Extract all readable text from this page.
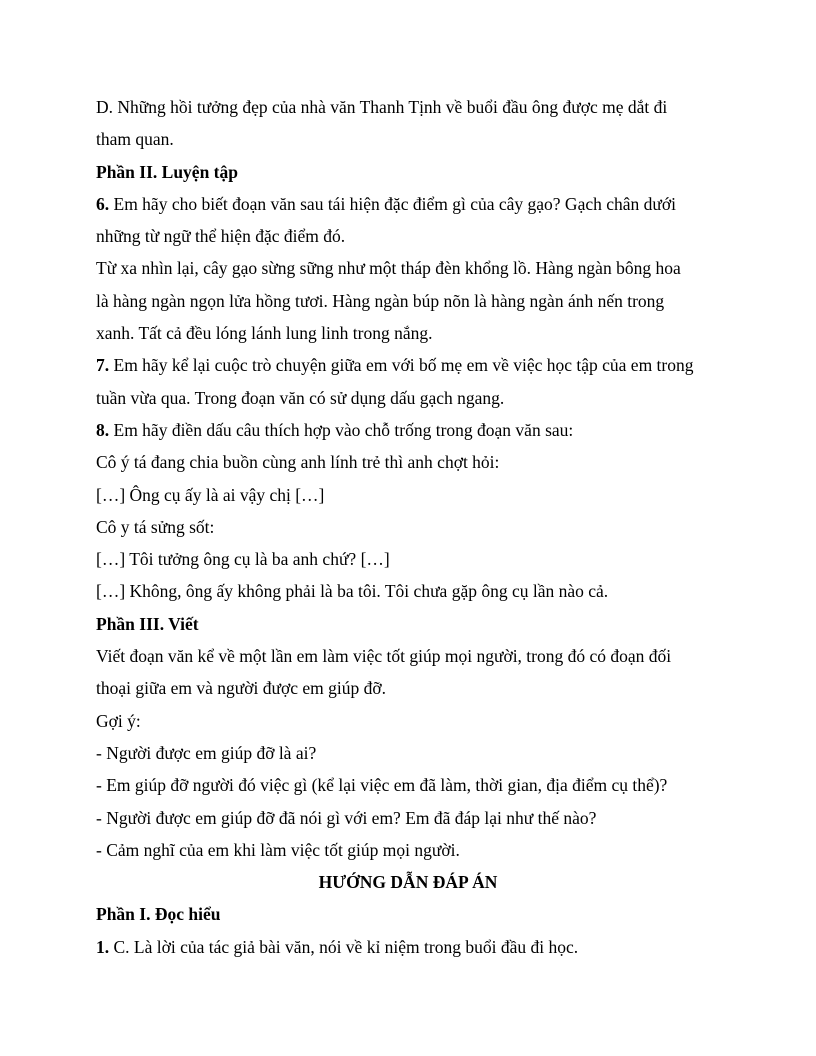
D. Những hồi tưởng đẹp của nhà văn Thanh Tịnh về buổi đầu ông được mẹ dắt đi

tham quan.

Phần II. Luyện tập

6. Em hãy cho biết đoạn văn sau tái hiện đặc điểm gì của cây gạo? Gạch chân dưới

những từ ngữ thể hiện đặc điểm đó.

Từ xa nhìn lại, cây gạo sừng sững như một tháp đèn khổng lồ. Hàng ngàn bông hoa

là hàng ngàn ngọn lửa hồng tươi. Hàng ngàn búp nõn là hàng ngàn ánh nến trong

xanh. Tất cả đều lóng lánh lung linh trong nắng.

7. Em hãy kể lại cuộc trò chuyện giữa em với bố mẹ em về việc học tập của em trong

tuần vừa qua. Trong đoạn văn có sử dụng dấu gạch ngang.

8. Em hãy điền dấu câu thích hợp vào chỗ trống trong đoạn văn sau:

Cô ý tá đang chia buồn cùng anh lính trẻ thì anh chợt hỏi:

[…] Ông cụ ấy là ai vậy chị […]

Cô y tá sửng sốt:

[…] Tôi tưởng ông cụ là ba anh chứ? […]

[…] Không, ông ấy không phải là ba tôi. Tôi chưa gặp ông cụ lần nào cả.

Phần III. Viết

Viết đoạn văn kể về một lần em làm việc tốt giúp mọi người, trong đó có đoạn đối

thoại giữa em và người được em giúp đỡ.

Gợi ý:

- Người được em giúp đỡ là ai?

- Em giúp đỡ người đó việc gì (kể lại việc em đã làm, thời gian, địa điểm cụ thể)?

- Người được em giúp đỡ đã nói gì với em? Em đã đáp lại như thế nào?

- Cảm nghĩ của em khi làm việc tốt giúp mọi người.

HƯỚNG DẪN ĐÁP ÁN

Phần I. Đọc hiểu

1. C. Là lời của tác giả bài văn, nói về kỉ niệm trong buổi đầu đi học.
